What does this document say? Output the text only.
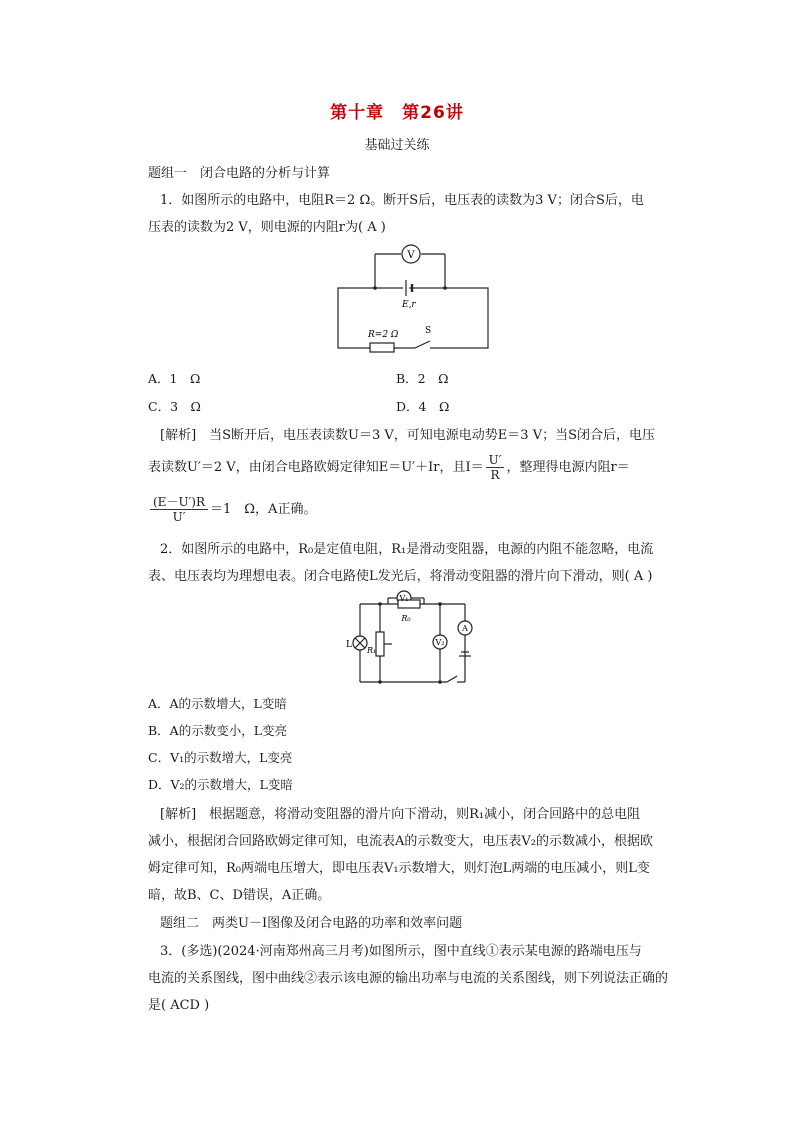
第十章　第26讲
基础过关练
题组一　闭合电路的分析与计算
1．如图所示的电路中，电阻R＝2 Ω。断开S后，电压表的读数为3 V；闭合S后，电
压表的读数为2 V，则电源的内阻r为( A )
V
E,r
R=2 Ω	S
A．1　Ω	B．2　Ω
C．3　Ω	D．4　Ω
[解析]　当S断开后，电压表读数U＝3 V，可知电源电动势E＝3 V；当S闭合后，电压
表读数U′＝2 V，由闭合电路欧姆定律知E＝U′＋Ir，且$I= \frac{U'}{R}$ ，整理得电源内阻r＝
$\frac{(E-U')R}{U'} =1$　Ω，A正确。
2．如图所示的电路中，R₀是定值电阻，R₁是滑动变阻器，电源的内阻不能忽略，电流
表、电压表均为理想电表。闭合电路使L发光后，将滑动变阻器的滑片向下滑动，则( A )
V₁
R₀
L
R₁
V₂
A
A．A的示数增大，L变暗
B．A的示数变小，L变亮
C．V₁的示数增大，L变亮
D．V₂的示数增大，L变暗
[解析]　根据题意，将滑动变阻器的滑片向下滑动，则R₁减小，闭合回路中的总电阻
减小，根据闭合回路欧姆定律可知，电流表A的示数变大，电压表V₂的示数减小，根据欧
姆定律可知，R₀两端电压增大，即电压表V₁示数增大，则灯泡L两端的电压减小，则L变
暗，故B、C、D错误，A正确。
题组二　两类U－I图像及闭合电路的功率和效率问题
3．(多选)(2024·河南郑州高三月考)如图所示，图中直线①表示某电源的路端电压与
电流的关系图线，图中曲线②表示该电源的输出功率与电流的关系图线，则下列说法正确的
是( ACD )
